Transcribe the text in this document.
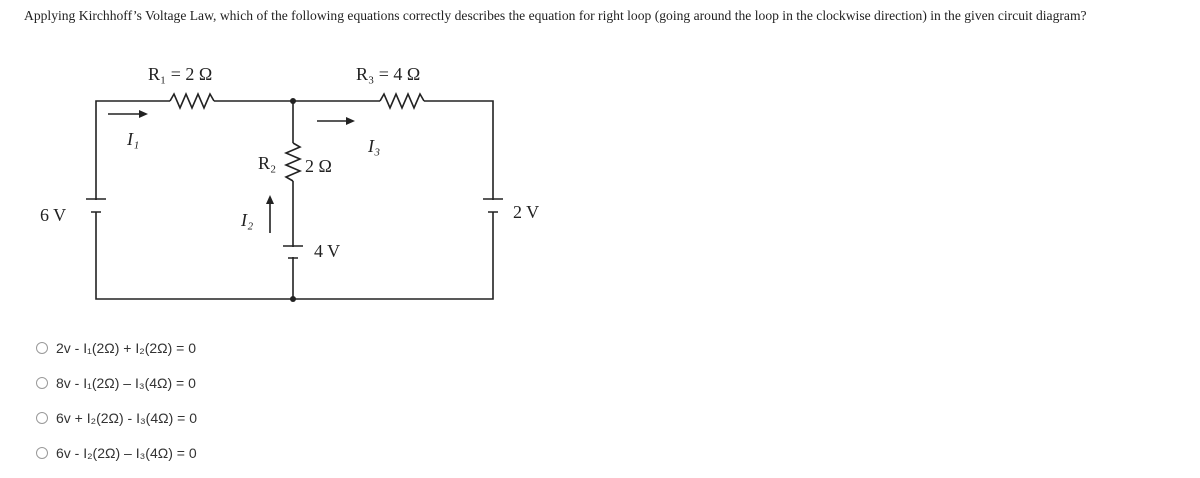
Applying Kirchhoff’s Voltage Law, which of the following equations correctly describes the equation for right loop (going around the loop in the clockwise direction) in the given circuit diagram?
R₁ = 2 Ω	R₃ = 4 Ω
I₁	I₃
R₂ 2 Ω
I₂
6 V
4 V
2 V
2v - I₁(2Ω) + I₂(2Ω) = 0
8v - I₁(2Ω) – I₃(4Ω) = 0
6v + I₂(2Ω) - I₃(4Ω) = 0
6v - I₂(2Ω) – I₃(4Ω) = 0
